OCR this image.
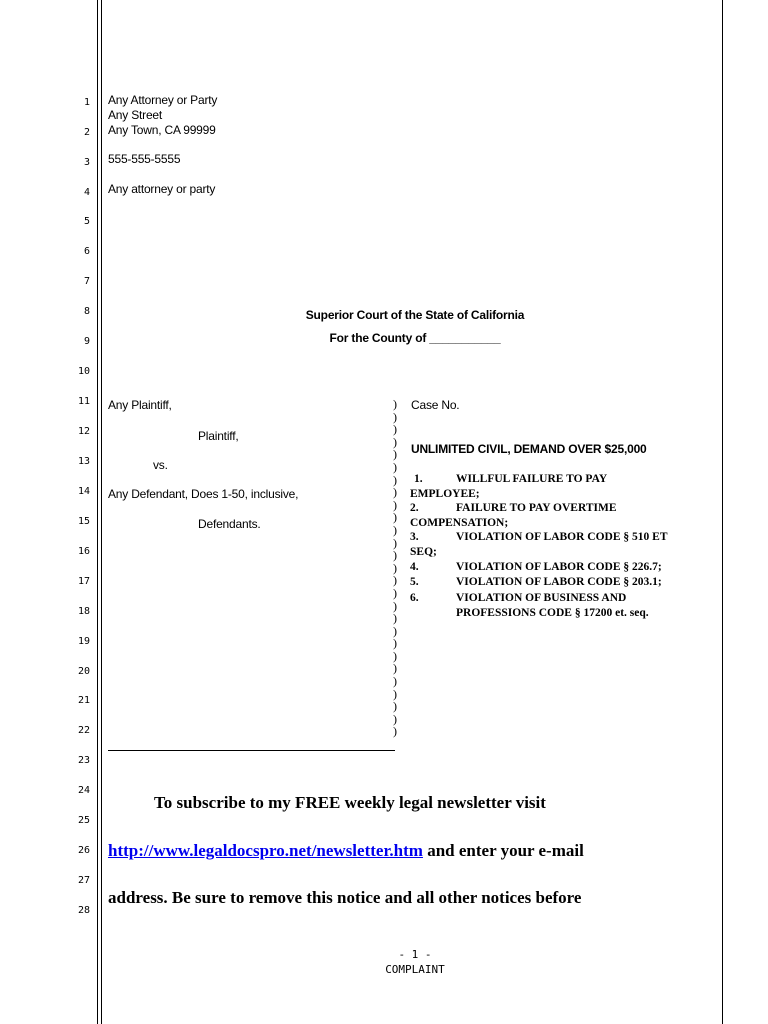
1
2
3
4
5
6
7
8
9
10
11
12
13
14
15
16
17
18
19
20
21
22
23
24
25
26
27
28
Any Attorney or Party
Any Street
Any Town, CA 99999
555-555-5555
Any attorney or party
Superior Court of the State of California
For the County of ___________
Any Plaintiff,
Plaintiff,
vs.
Any Defendant, Does 1-50, inclusive,
Defendants.
)
)
)
)
)
)
)
)
)
)
)
)
)
)
)
)
)
)
)
)
)
)
)
)
)
)
)
Case No.
UNLIMITED CIVIL, DEMAND OVER $25,000
1.	WILLFUL FAILURE TO PAY
EMPLOYEE;
2.	FAILURE TO PAY OVERTIME
COMPENSATION;
3.	VIOLATION OF LABOR CODE § 510 ET
SEQ;
4.	VIOLATION OF LABOR CODE § 226.7;
5.	VIOLATION OF LABOR CODE § 203.1;
6.	VIOLATION OF BUSINESS AND
PROFESSIONS CODE § 17200 et. seq.
To subscribe to my FREE weekly legal newsletter visit
http://www.legaldocspro.net/newsletter.htm and enter your e-mail
address. Be sure to remove this notice and all other notices before
- 1 -
COMPLAINT
